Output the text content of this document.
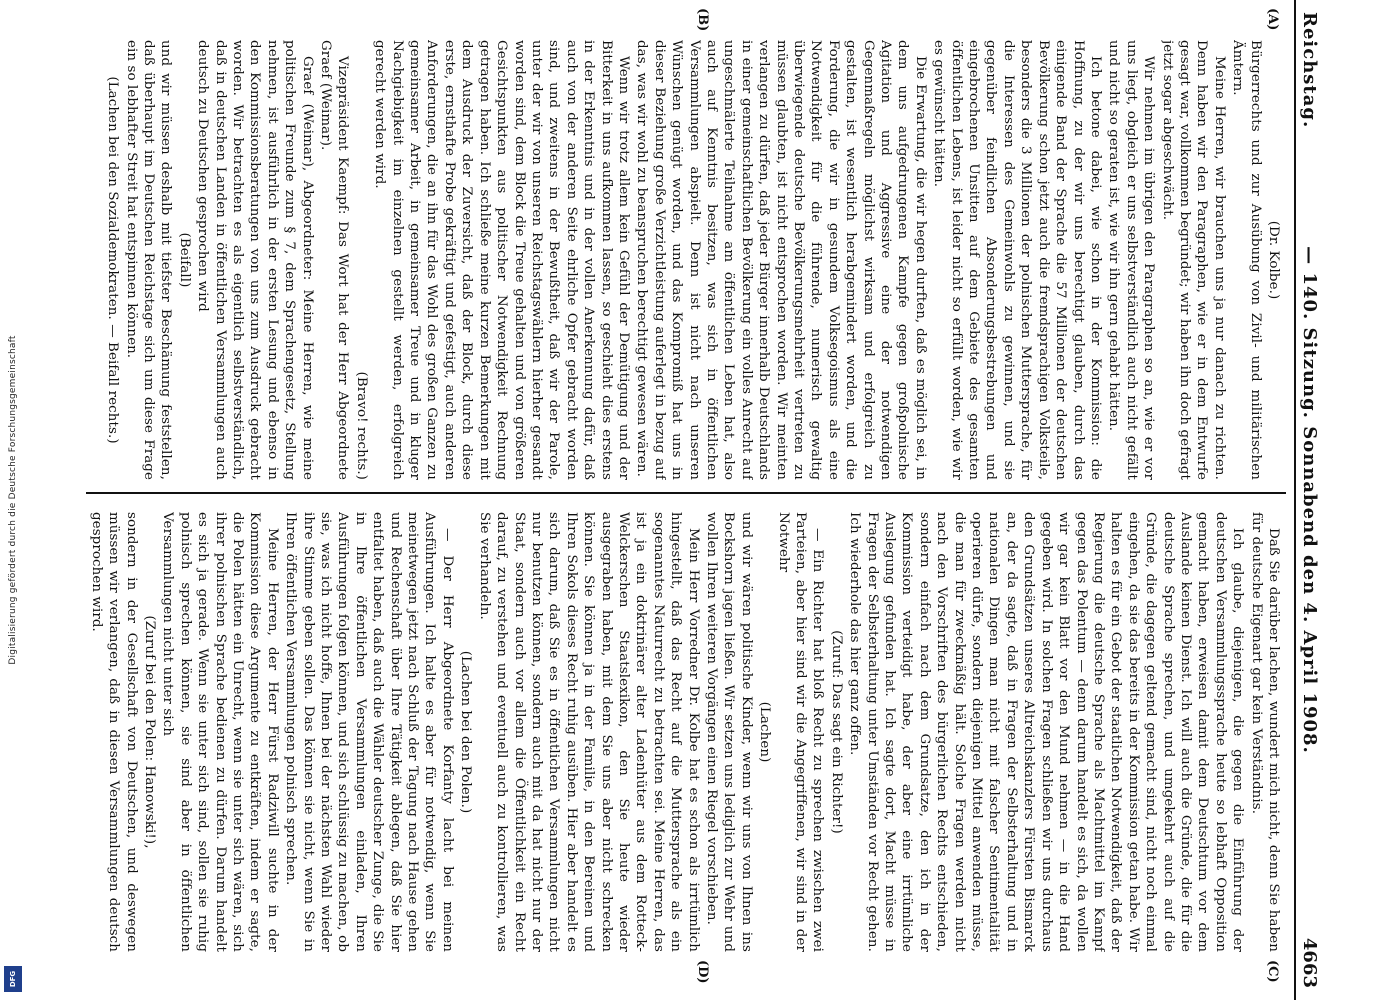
Digitalisierung gefördert durch die Deutsche Forschungsgemeinschaft
DFG
Reichstag.
— 140. Sitzung. Sonnabend den 4. April 1908.
4663
(A)
(B)
(C)
(D)

(Dr. Kolbe.)

Bürgerrechts und zur Ausübung von Zivil- und militärischen Ämtern.

Meine Herren, wir brauchen uns ja nur danach zu richten. Denn haben wir den Paragraphen, wie er in dem Entwurfe gesagt war, vollkommen begründet; wir haben ihn doch gefragt jetzt sogar abgeschwächt.

Wir nehmen im übrigen den Paragraphen so an, wie er vor uns liegt, obgleich er uns selbstverständlich auch nicht gefällt und nicht so geraten ist, wie wir ihn gern gehabt hätten.

Ich betone dabei, wie schon in der Kommission: die Hoffnung, zu der wir uns berechtigt glauben, durch das einigende Band der Sprache die 57 Millionen der deutschen Bevölkerung schon jetzt auch die fremdsprachigen Volksteile, besonders die 3 Millionen der polnischen Muttersprache, für die Interessen des Gemeinwohls zu gewinnen, und sie gegenüber feindlichen Absonderungsbestrebungen und eingebrochenen Unsitten auf dem Gebiete des gesamten öffentlichen Lebens, ist leider nicht so erfüllt worden, wie wir es gewünscht hätten.

Die Erwartung, die wir hegen durften, daß es möglich sei, in dem uns aufgedrungenen Kampfe gegen großpolnische Agitation und Aggressive eine der notwendigen Gegenmaßregeln möglichst wirksam und erfolgreich zu gestalten, ist wesentlich herabgemindert worden, und die Forderung, die wir in gesundem Volksegoismus als eine Notwendigkeit für die führende, numerisch gewaltig überwiegende deutsche Bevölkerungsmehrheit vertreten zu müssen glaubten, ist nicht entsprochen worden. Wir meinten verlangen zu dürfen, daß jeder Bürger innerhalb Deutschlands in einer gemeinschaftlichen Bevölkerung ein volles Anrecht auf ungeschmälerte Teilnahme am öffentlichen Leben hat, also auch auf Kenntnis besitzen, was sich in öffentlichen Versammlungen abspielt. Denn ist nicht nach unseren Wünschen genügt worden, und das Kompromiß hat uns in dieser Beziehung große Verzichtleistung auferlegt in bezug auf das, was wir wohl zu beanspruchen berechtigt gewesen wären.

Wenn wir trotz allem kein Gefühl der Demütigung und der Bitterkeit in uns aufkommen lassen, so geschieht dies erstens in der Erkenntnis und in der vollen Anerkennung dafür, daß auch von der anderen Seite ehrliche Opfer gebracht worden sind, und zweitens in der Bewußtheit, daß wir der Parole, unter der wir von unseren Reichstagswählern hierher gesandt worden sind, dem Block die Treue gehalten und von größeren Gesichtspunkten aus politischer Notwendigkeit Rechnung getragen haben. Ich schließe meine kurzen Bemerkungen mit dem Ausdruck der Zuversicht, daß der Block, durch diese erste, ernsthafte Probe gekräftigt und gefestigt, auch anderen Anforderungen, die an ihn für das Wohl des großen Ganzen zu gemeinsamer Arbeit, in gemeinsamer Treue und in kluger Nachgiebigkeit im einzelnen gestellt werden, erfolgreich gerecht werden wird.

(Bravo! rechts.)

Vizepräsident Kaempf: Das Wort hat der Herr Abgeordnete Graef (Weimar).

Graef (Weimar), Abgeordneter: Meine Herren, wie meine politischen Freunde zum § 7, dem Sprachengesetz, Stellung nehmen, ist ausführlich in der ersten Lesung und ebenso in den Kommissionsberatungen von uns zum Ausdruck gebracht worden. Wir betrachten es als eigentlich selbstverständlich, daß in deutschen Landen in öffentlichen Versammlungen auch deutsch zu Deutschen gesprochen wird

(Beifall)

und wir müssen deshalb mit tiefster Beschämung feststellen, daß überhaupt im Deutschen Reichstage sich um diese Frage ein so lebhafter Streit hat entspinnen können.

(Lachen bei den Sozialdemokraten. — Beifall rechts.)

Daß Sie darüber lachen, wundert mich nicht, denn Sie haben für deutsche Eigenart gar kein Verständnis.

Ich glaube, diejenigen, die gegen die Einführung der deutschen Versammlungssprache heute so lebhaft Opposition gemacht haben, erweisen damit dem Deutschtum vor dem Auslande keinen Dienst. Ich will auch die Gründe, die für die deutsche Sprache sprechen, und umgekehrt auch auf die Gründe, die dagegen geltend gemacht sind, nicht noch einmal eingehen, da sie das bereits in der Kommission getan habe. Wir halten es für ein Gebot der staatlichen Notwendigkeit, daß der Regierung die deutsche Sprache als Machtmittel im Kampf gegen das Polentum — denn darum handelt es sich, da wollen wir gar kein Blatt vor den Mund nehmen — in die Hand gegeben wird. In solchen Fragen schließen wir uns durchaus den Grundsätzen unseres Altreichskanzlers Fürsten Bismarck an, der da sagte, daß in Fragen der Selbsterhaltung und in nationalen Dingen man nicht mit falscher Sentimentalität operieren dürfe, sondern diejenigen Mittel anwenden müsse, die man für zweckmäßig hält. Solche Fragen werden nicht nach den Vorschriften des bürgerlichen Rechts entschieden, sondern einfach nach dem Grundsatze, den ich in der Kommission verteidigt habe, der aber eine irrtümliche Auslegung gefunden hat. Ich sagte dort, Macht müsse in Fragen der Selbsterhaltung unter Umständen vor Recht gehen. Ich wiederhole das hier ganz offen.

(Zuruf: Das sagt ein Richter!)

— Ein Richter hat bloß Recht zu sprechen zwischen zwei Parteien, aber hier sind wir die Angegriffenen, wir sind in der Notwehr

(Lachen)

und wir wären politische Kinder, wenn wir uns von Ihnen ins Bockshorn jagen ließen. Wir setzen uns lediglich zur Wehr und wollen Ihren weiteren Vorgängen einen Riegel vorschieben.

Mein Herr Vorredner Dr. Kolbe hat es schon als irrtümlich hingestellt, daß das Recht auf die Muttersprache als ein sogenanntes Naturrecht zu betrachten sei. Meine Herren, das ist ja ein doktrinärer alter Ladenhüter aus dem Rotteck-Welckerschen Staatslexikon, den Sie heute wieder ausgegraben haben, mit dem Sie uns aber nicht schrecken können. Sie können ja in der Familie, in den Bereinen und Ihren Sokols dieses Recht ruhig ausüben. Hier aber handelt es sich darum, daß Sie es in öffentlichen Versammlungen nicht nur benutzen können, sondern auch mit da hat nicht nur der Staat, sondern auch vor allem die Öffentlichkeit ein Recht darauf, zu verstehen und eventuell auch zu kontrollieren, was Sie verhandeln.

(Lachen bei den Polen.)

— Der Herr Abgeordnete Korfanty lacht bei meinen Ausführungen. Ich halte es aber für notwendig, wenn Sie meinetwegen jetzt nach Schluß der Tagung nach Hause gehen und Rechenschaft über Ihre Tätigkeit ablegen, daß Sie hier entfaltet haben, daß auch die Wähler deutscher Zunge, die Sie in Ihre öffentlichen Versammlungen einladen, Ihren Ausführungen folgen können, und sich schlüssig zu machen, ob sie, was ich nicht hoffe, Ihnen bei der nächsten Wahl wieder ihre Stimme geben sollen. Das können sie nicht, wenn Sie in Ihren öffentlichen Versammlungen polnisch sprechen.

Meine Herren, der Herr Fürst Radziwill suchte in der Kommission diese Argumente zu entkräften, indem er sagte, die Polen hätten ein Unrecht, wenn sie unter sich wären, sich ihrer polnischen Sprache bedienen zu dürfen. Darum handelt es sich ja gerade. Wenn sie unter sich sind, sollen sie ruhig polnisch sprechen können, sie sind aber in öffentlichen Versammlungen nicht unter sich

(Zuruf bei den Polen: Hanowski!),

sondern in der Gesellschaft von Deutschen, und deswegen müssen wir verlangen, daß in diesen Versammlungen deutsch gesprochen wird.
